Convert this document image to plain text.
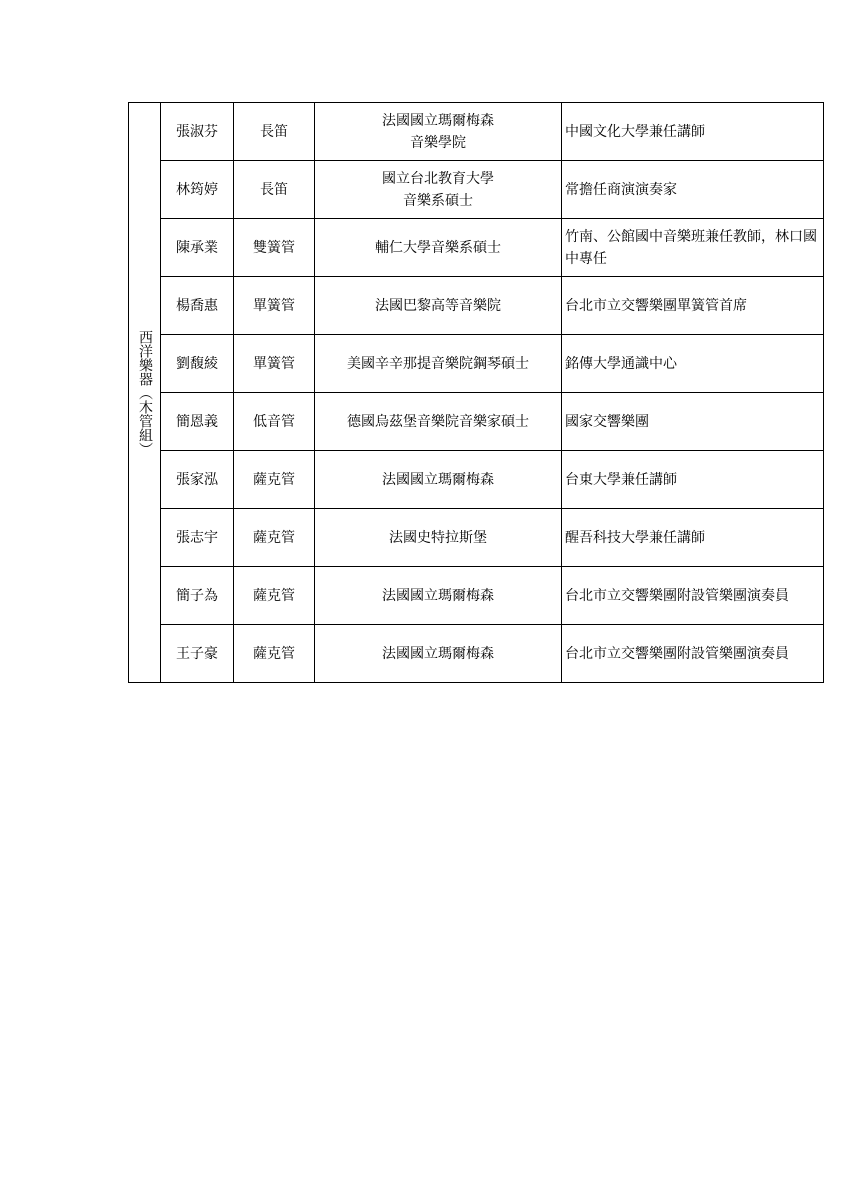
西洋樂器（木管組）	張淑芬	長笛	法國國立瑪爾梅森
音樂學院	中國文化大學兼任講師
	林筠婷	長笛	國立台北教育大學
音樂系碩士	常擔任商演演奏家
	陳承業	雙簧管	輔仁大學音樂系碩士	竹南、公館國中音樂班兼任教師，林口國中專任
	楊喬惠	單簧管	法國巴黎高等音樂院	台北市立交響樂團單簧管首席
	劉馥綾	單簧管	美國辛辛那提音樂院鋼琴碩士	銘傳大學通識中心
	簡恩義	低音管	德國烏茲堡音樂院音樂家碩士	國家交響樂團
	張家泓	薩克管	法國國立瑪爾梅森	台東大學兼任講師
	張志宇	薩克管	法國史特拉斯堡	醒吾科技大學兼任講師
	簡子為	薩克管	法國國立瑪爾梅森	台北市立交響樂團附設管樂團演奏員
	王子豪	薩克管	法國國立瑪爾梅森	台北市立交響樂團附設管樂團演奏員
